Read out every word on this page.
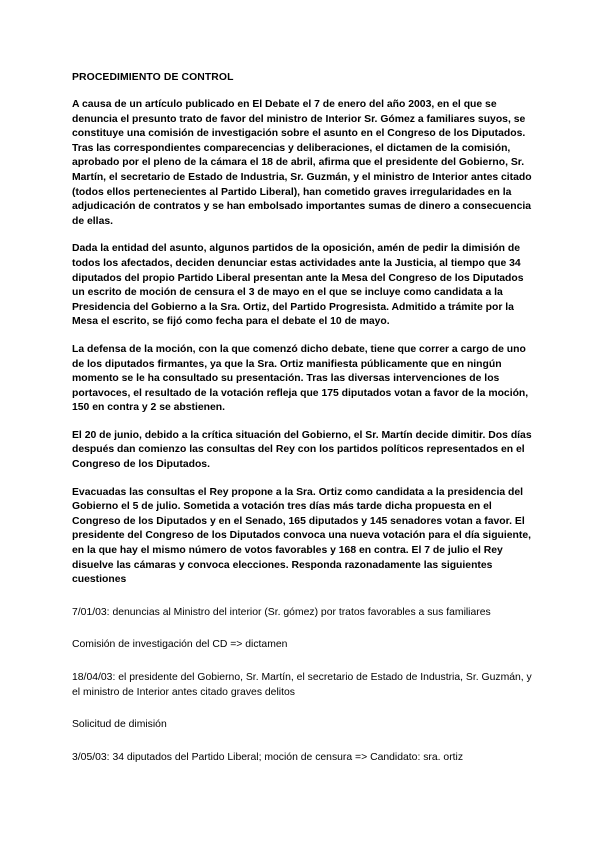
PROCEDIMIENTO DE CONTROL

A causa de un artículo publicado en El Debate el 7 de enero del año 2003, en el que se denuncia el presunto trato de favor del ministro de Interior Sr. Gómez a familiares suyos, se constituye una comisión de investigación sobre el asunto en el Congreso de los Diputados. Tras las correspondientes comparecencias y deliberaciones, el dictamen de la comisión, aprobado por el pleno de la cámara el 18 de abril, afirma que el presidente del Gobierno, Sr. Martín, el secretario de Estado de Industria, Sr. Guzmán, y el ministro de Interior antes citado (todos ellos pertenecientes al Partido Liberal), han cometido graves irregularidades en la adjudicación de contratos y se han embolsado importantes sumas de dinero a consecuencia de ellas.

Dada la entidad del asunto, algunos partidos de la oposición, amén de pedir la dimisión de todos los afectados, deciden denunciar estas actividades ante la Justicia, al tiempo que 34 diputados del propio Partido Liberal presentan ante la Mesa del Congreso de los Diputados un escrito de moción de censura el 3 de mayo en el que se incluye como candidata a la Presidencia del Gobierno a la Sra. Ortiz, del Partido Progresista. Admitido a trámite por la Mesa el escrito, se fijó como fecha para el debate el 10 de mayo.

La defensa de la moción, con la que comenzó dicho debate, tiene que correr a cargo de uno de los diputados firmantes, ya que la Sra. Ortiz manifiesta públicamente que en ningún momento se le ha consultado su presentación. Tras las diversas intervenciones de los portavoces, el resultado de la votación refleja que 175 diputados votan a favor de la moción, 150 en contra y 2 se abstienen.

El 20 de junio, debido a la crítica situación del Gobierno, el Sr. Martín decide dimitir. Dos días después dan comienzo las consultas del Rey con los partidos políticos representados en el Congreso de los Diputados.

Evacuadas las consultas el Rey propone a la Sra. Ortiz como candidata a la presidencia del Gobierno el 5 de julio. Sometida a votación tres días más tarde dicha propuesta en el Congreso de los Diputados y en el Senado, 165 diputados y 145 senadores votan a favor. El presidente del Congreso de los Diputados convoca una nueva votación para el día siguiente, en la que hay el mismo número de votos favorables y 168 en contra. El 7 de julio el Rey disuelve las cámaras y convoca elecciones. Responda razonadamente las siguientes cuestiones

7/01/03: denuncias al Ministro del interior (Sr. gómez) por tratos favorables a sus familiares

Comisión de investigación del CD => dictamen

18/04/03: el presidente del Gobierno, Sr. Martín, el secretario de Estado de Industria, Sr. Guzmán, y el ministro de Interior antes citado graves delitos

Solicitud de dimisión

3/05/03: 34 diputados del Partido Liberal; moción de censura => Candidato: sra. ortiz
